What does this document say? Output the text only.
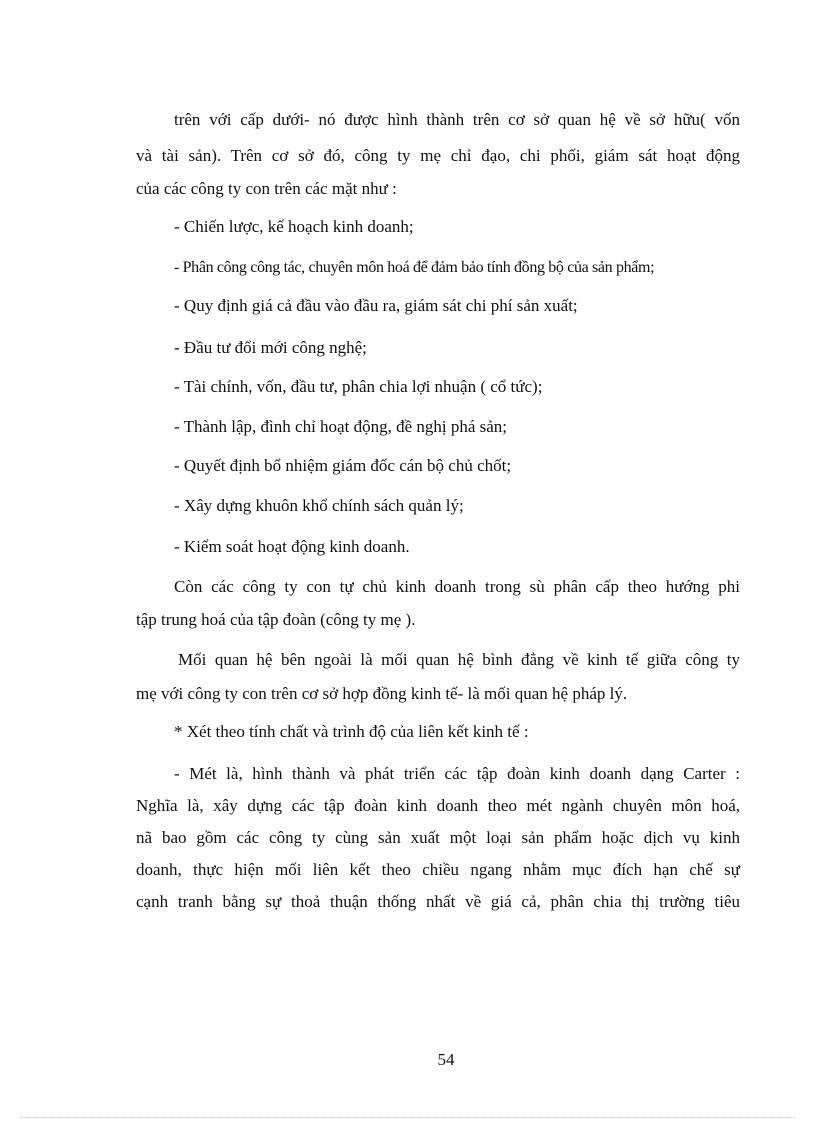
trên với cấp dưới- nó được hình thành trên cơ sở quan hệ về sở hữu( vốn
và tài sản). Trên cơ sở đó, công ty mẹ chỉ đạo, chi phối, giám sát hoạt động
của các công ty con trên các mặt như :
- Chiến lược, kế hoạch kinh doanh;
- Phân công công tác, chuyên môn hoá để đảm bảo tính đồng bộ của sản phẩm;
- Quy định giá cả đầu vào đầu ra, giám sát chi phí sản xuất;
- Đầu tư đổi mới công nghệ;
- Tài chính, vốn, đầu tư, phân chia lợi nhuận ( cổ tức);
- Thành lập, đình chỉ hoạt động, đề nghị phá sản;
- Quyết định bổ nhiệm giám đốc cán bộ chủ chốt;
- Xây dựng khuôn khổ chính sách quản lý;
- Kiểm soát hoạt động kinh doanh.
Còn các công ty con tự chủ kinh doanh trong sù phân cấp theo hướng phi
tập trung hoá của tập đoàn (công ty mẹ ).
Mối quan hệ bên ngoài là mối quan hệ bình đẳng về kinh tế giữa công ty
mẹ với công ty con trên cơ sở hợp đồng kinh tế- là mối quan hệ pháp lý.
* Xét theo tính chất và trình độ của liên kết kinh tế :
- Mét là, hình thành và phát triển các tập đoàn kinh doanh dạng Carter :
Nghĩa là, xây dựng các tập đoàn kinh doanh theo mét ngành chuyên môn hoá,
nã bao gồm các công ty cùng sản xuất một loại sản phẩm hoặc dịch vụ kinh
doanh, thực hiện mối liên kết theo chiều ngang nhằm mục đích hạn chế sự
cạnh tranh bằng sự thoả thuận thống nhất về giá cả, phân chia thị trường tiêu
54
